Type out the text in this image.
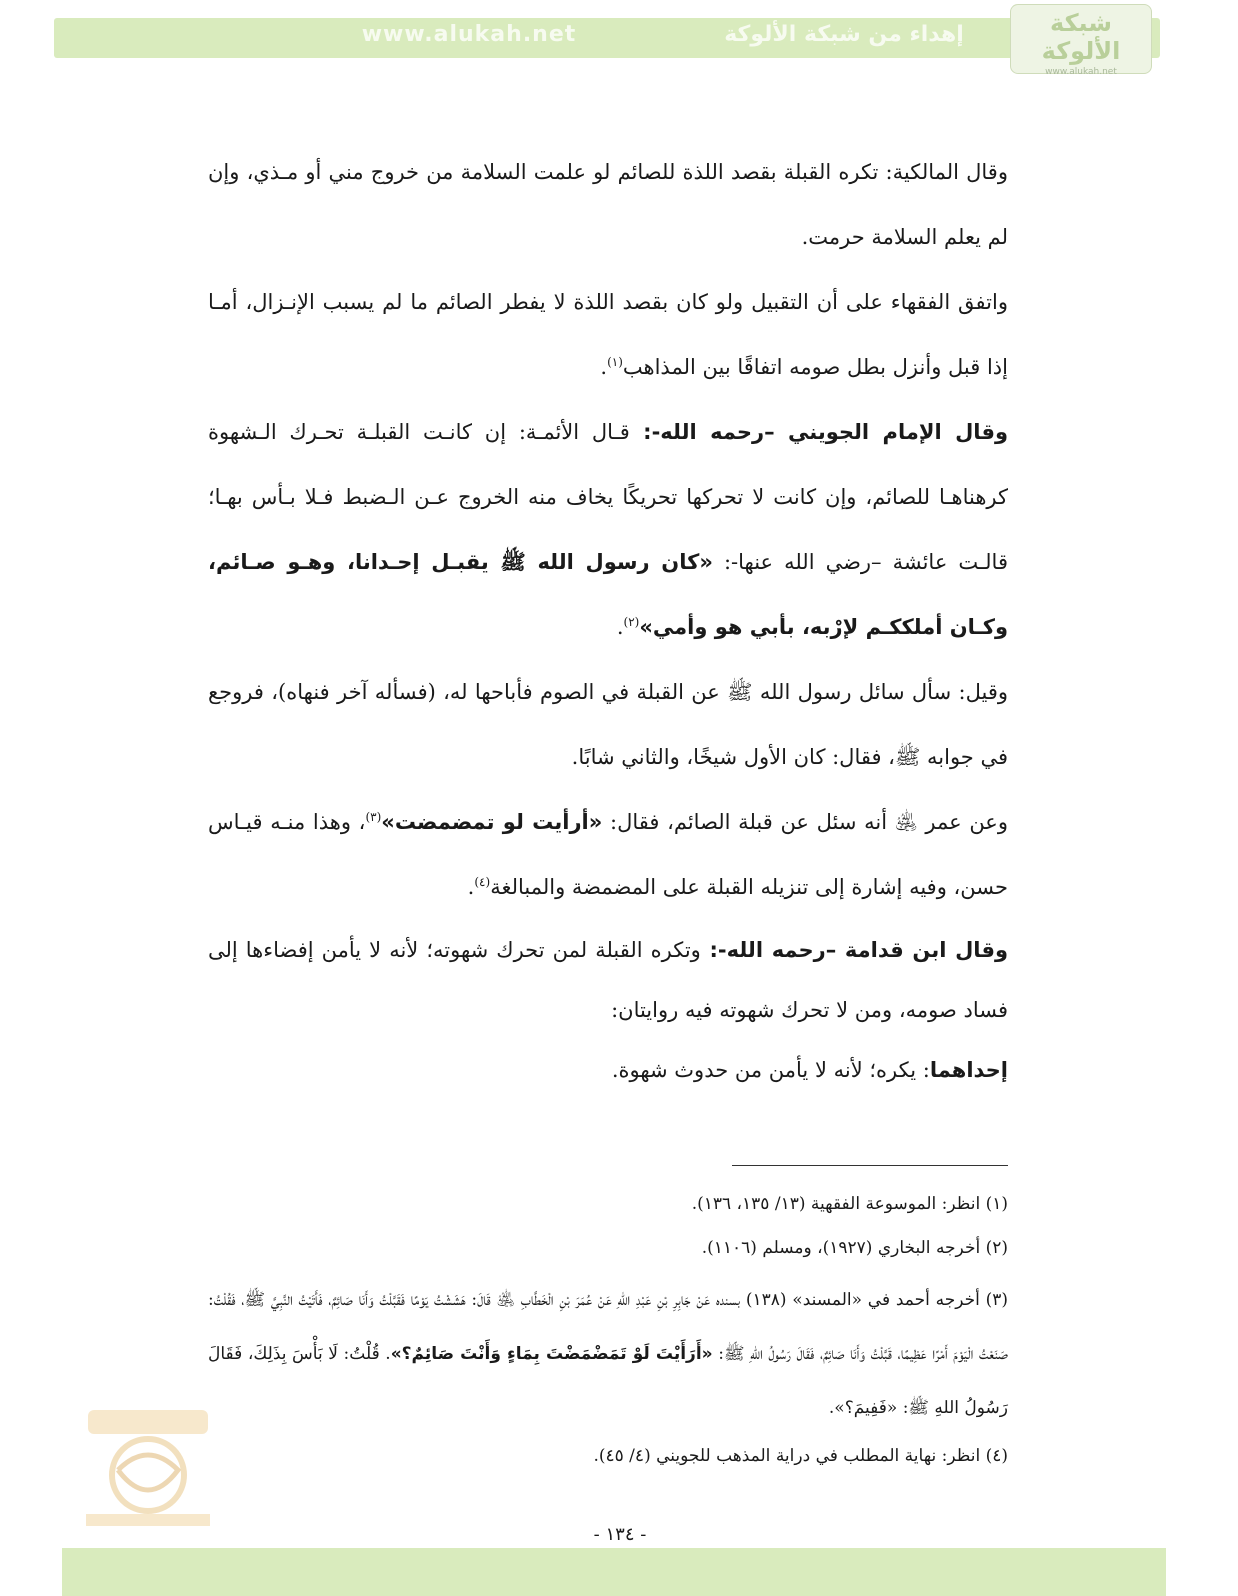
www.alukah.net	إهداء من شبكة الألوكة	شبكة الألوكة
www.alukah.net

وقال المالكية: تكره القبلة بقصد اللذة للصائم لو علمت السلامة من خروج مني أو مـذي، وإن لم يعلم السلامة حرمت.

واتفق الفقهاء على أن التقبيل ولو كان بقصد اللذة لا يفطر الصائم ما لم يسبب الإنـزال، أمـا إذا قبل وأنزل بطل صومه اتفاقًا بين المذاهب$^{(١)}$.

وقال الإمام الجويني –رحمه الله-: قـال الأئمـة: إن كانـت القبلـة تحـرك الـشهوة كرهناهـا للصائم، وإن كانت لا تحركها تحريكًا يخاف منه الخروج عـن الـضبط فـلا بـأس بهـا؛ قالـت عائشة –رضي الله عنها-: «كان رسول الله ﷺ يقبـل إحـدانا، وهـو صـائم، وكـان أملككـم لإرْبه، بأبي هو وأمي»$^{(٢)}$.

وقيل: سأل سائل رسول الله ﷺ عن القبلة في الصوم فأباحها له، (فسأله آخر فنهاه)، فروجع في جوابه ﷺ، فقال: كان الأول شيخًا، والثاني شابًا.

وعن عمر ﵁ أنه سئل عن قبلة الصائم، فقال: «أرأيت لو تمضمضت»$^{(٣)}$، وهذا منـه قيـاس حسن، وفيه إشارة إلى تنزيله القبلة على المضمضة والمبالغة$^{(٤)}$.

وقال ابن قدامة –رحمه الله-: وتكره القبلة لمن تحرك شهوته؛ لأنه لا يأمن إفضاءها إلى فساد صومه، ومن لا تحرك شهوته فيه روايتان:

إحداهما: يكره؛ لأنه لا يأمن من حدوث شهوة.

(١) انظر: الموسوعة الفقهية (١٣/ ١٣٥، ١٣٦).

(٢) أخرجه البخاري (١٩٢٧)، ومسلم (١١٠٦).

(٣) أخرجه أحمد في «المسند» (١٣٨) بسنده عَنْ جَابِرِ بْنِ عَبْدِ اللهِ عَنْ عُمَرَ بْنِ الْخَطَّابِ ﵁ قَالَ: هَشَشْتُ يَوْمًا فَقَبَّلْتُ وَأَنَا صَائِمٌ، فَأَتَيْتُ النَّبِيَّ ﷺ، فَقُلْتُ: صَنَعْتُ الْيَوْمَ أَمْرًا عَظِيمًا، قَبَّلْتُ وَأَنَا صَائِمٌ، فَقَالَ رَسُولُ اللهِ ﷺ: «أَرَأَيْتَ لَوْ تَمَضْمَضْتَ بِمَاءٍ وَأَنْتَ صَائِمٌ؟». قُلْتُ: لَا بَأْسَ بِذَلِكَ، فَقَالَ رَسُولُ اللهِ ﷺ: «فَفِيمَ؟».

(٤) انظر: نهاية المطلب في دراية المذهب للجويني (٤/ ٤٥).

- ١٣٤ -
